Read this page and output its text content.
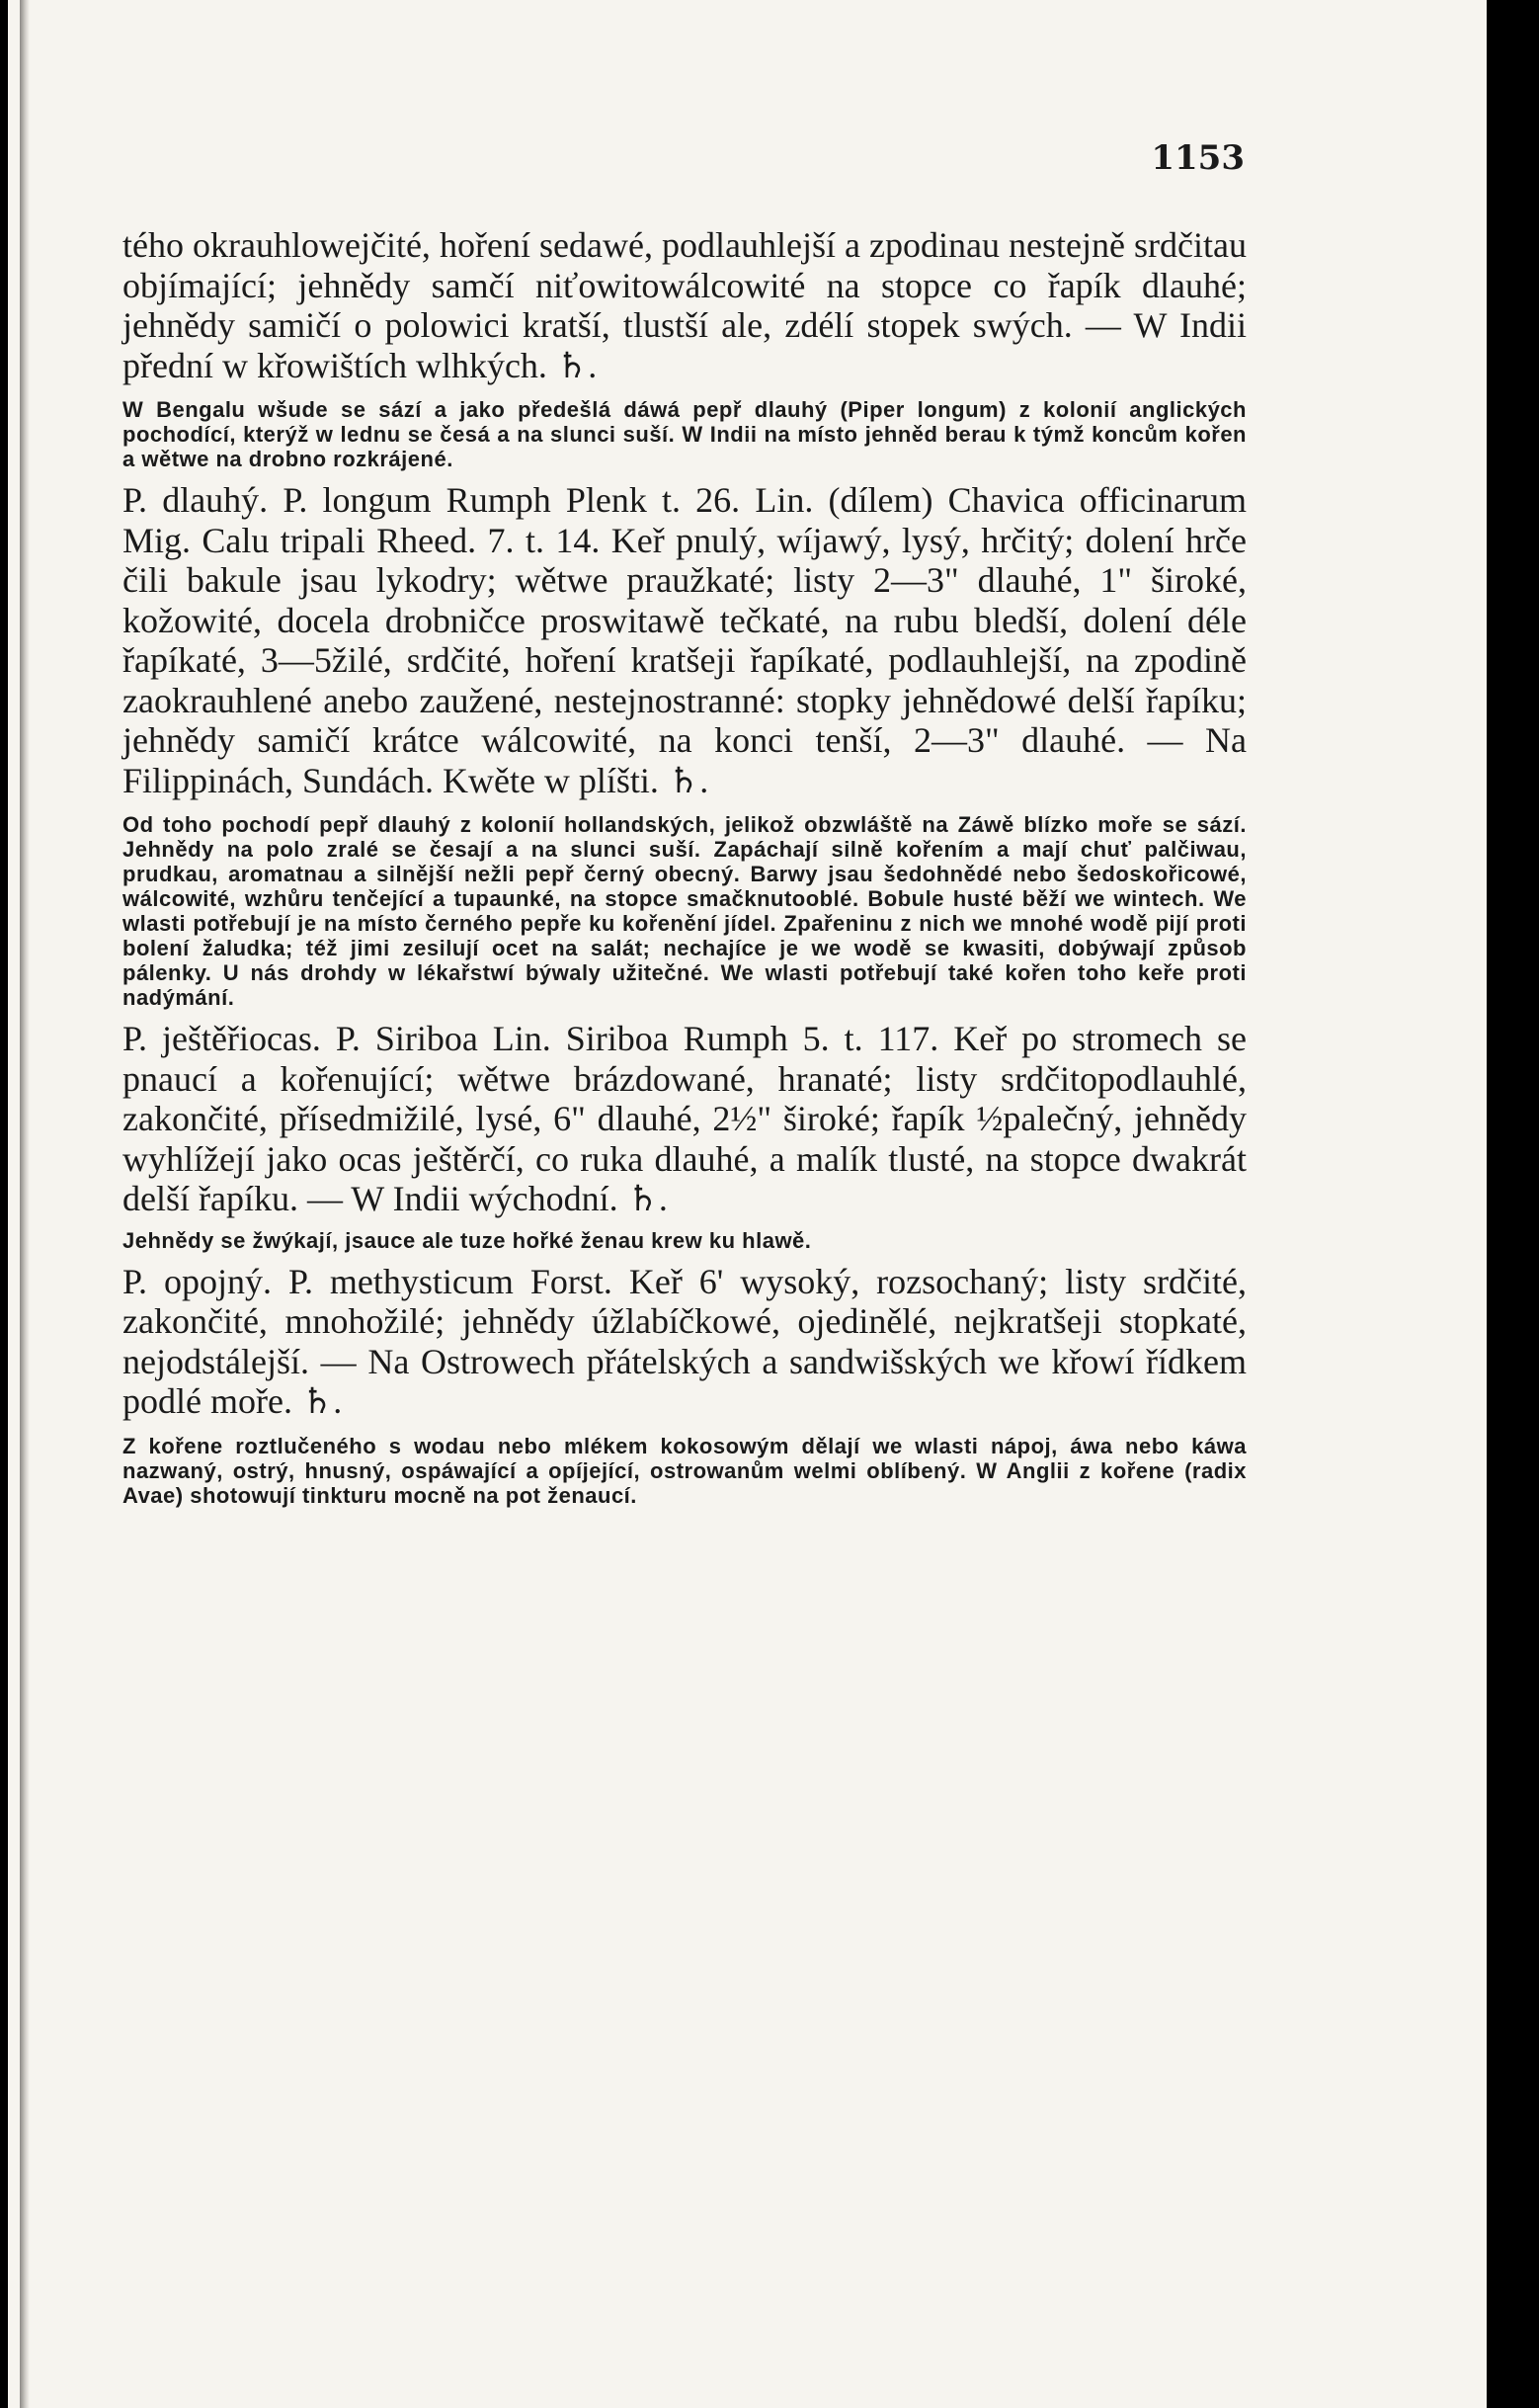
1153

tého okrauhlowejčité, hoření sedawé, podlauhlejší a zpodinau nestejně srdčitau objímající; jehnědy samčí niťowitowálcowité na stopce co řapík dlauhé; jehnědy samičí o polowici kratší, tlustší ale, zdélí stopek swých. — W Indii přední w křowištích wlhkých. ♄.

W Bengalu wšude se sází a jako předešlá dáwá pepř dlauhý (Piper longum) z kolonií anglických pochodící, kterýž w lednu se česá a na slunci suší. W Indii na místo jehněd berau k týmž koncům kořen a wětwe na drobno rozkrájené.

P. dlauhý. P. longum Rumph Plenk t. 26. Lin. (dílem) Chavica officinarum Mig. Calu tripali Rheed. 7. t. 14. Keř pnulý, wíjawý, lysý, hrčitý; dolení hrče čili bakule jsau lykodry; wětwe praužkaté; listy 2—3" dlauhé, 1" široké, kožowité, docela drobničce proswitawě tečkaté, na rubu bledší, dolení déle řapíkaté, 3—5žilé, srdčité, hoření kratšeji řapíkaté, podlauhlejší, na zpodině zaokrauhlené anebo zaužené, nestejnostranné: stopky jehnědowé delší řapíku; jehnědy samičí krátce wálcowité, na konci tenší, 2—3" dlauhé. — Na Filippinách, Sundách. Kwěte w plíšti. ♄.

Od toho pochodí pepř dlauhý z kolonií hollandských, jelikož obzwláště na Záwě blízko moře se sází. Jehnědy na polo zralé se česají a na slunci suší. Zapáchají silně kořením a mají chuť palčiwau, prudkau, aromatnau a silnější nežli pepř černý obecný. Barwy jsau šedohnědé nebo šedoskořicowé, wálcowité, wzhůru tenčející a tupaunké, na stopce smačknutooblé. Bobule husté běží we wintech. We wlasti potřebují je na místo černého pepře ku kořenění jídel. Zpařeninu z nich we mnohé wodě pijí proti bolení žaludka; též jimi zesilují ocet na salát; nechajíce je we wodě se kwasiti, dobýwají způsob pálenky. U nás drohdy w lékařstwí býwaly užitečné. We wlasti potřebují také kořen toho keře proti nadýmání.

P. ještěřiocas. P. Siriboa Lin. Siriboa Rumph 5. t. 117. Keř po stromech se pnaucí a kořenující; wětwe brázdowané, hranaté; listy srdčitopodlauhlé, zakončité, přísedmižilé, lysé, 6" dlauhé, 2½" široké; řapík ½palečný, jehnědy wyhlížejí jako ocas ještěrčí, co ruka dlauhé, a malík tlusté, na stopce dwakrát delší řapíku. — W Indii wýchodní. ♄.

Jehnědy se žwýkají, jsauce ale tuze hořké ženau krew ku hlawě.

P. opojný. P. methysticum Forst. Keř 6' wysoký, rozsochaný; listy srdčité, zakončité, mnohožilé; jehnědy úžlabíčkowé, ojedinělé, nejkratšeji stopkaté, nejodstálejší. — Na Ostrowech přátelských a sandwišských we křowí řídkem podlé moře. ♄.

Z kořene roztlučeného s wodau nebo mlékem kokosowým dělají we wlasti nápoj, áwa nebo káwa nazwaný, ostrý, hnusný, ospáwající a opíjející, ostrowanům welmi oblíbený. W Anglii z kořene (radix Avae) shotowují tinkturu mocně na pot ženaucí.
